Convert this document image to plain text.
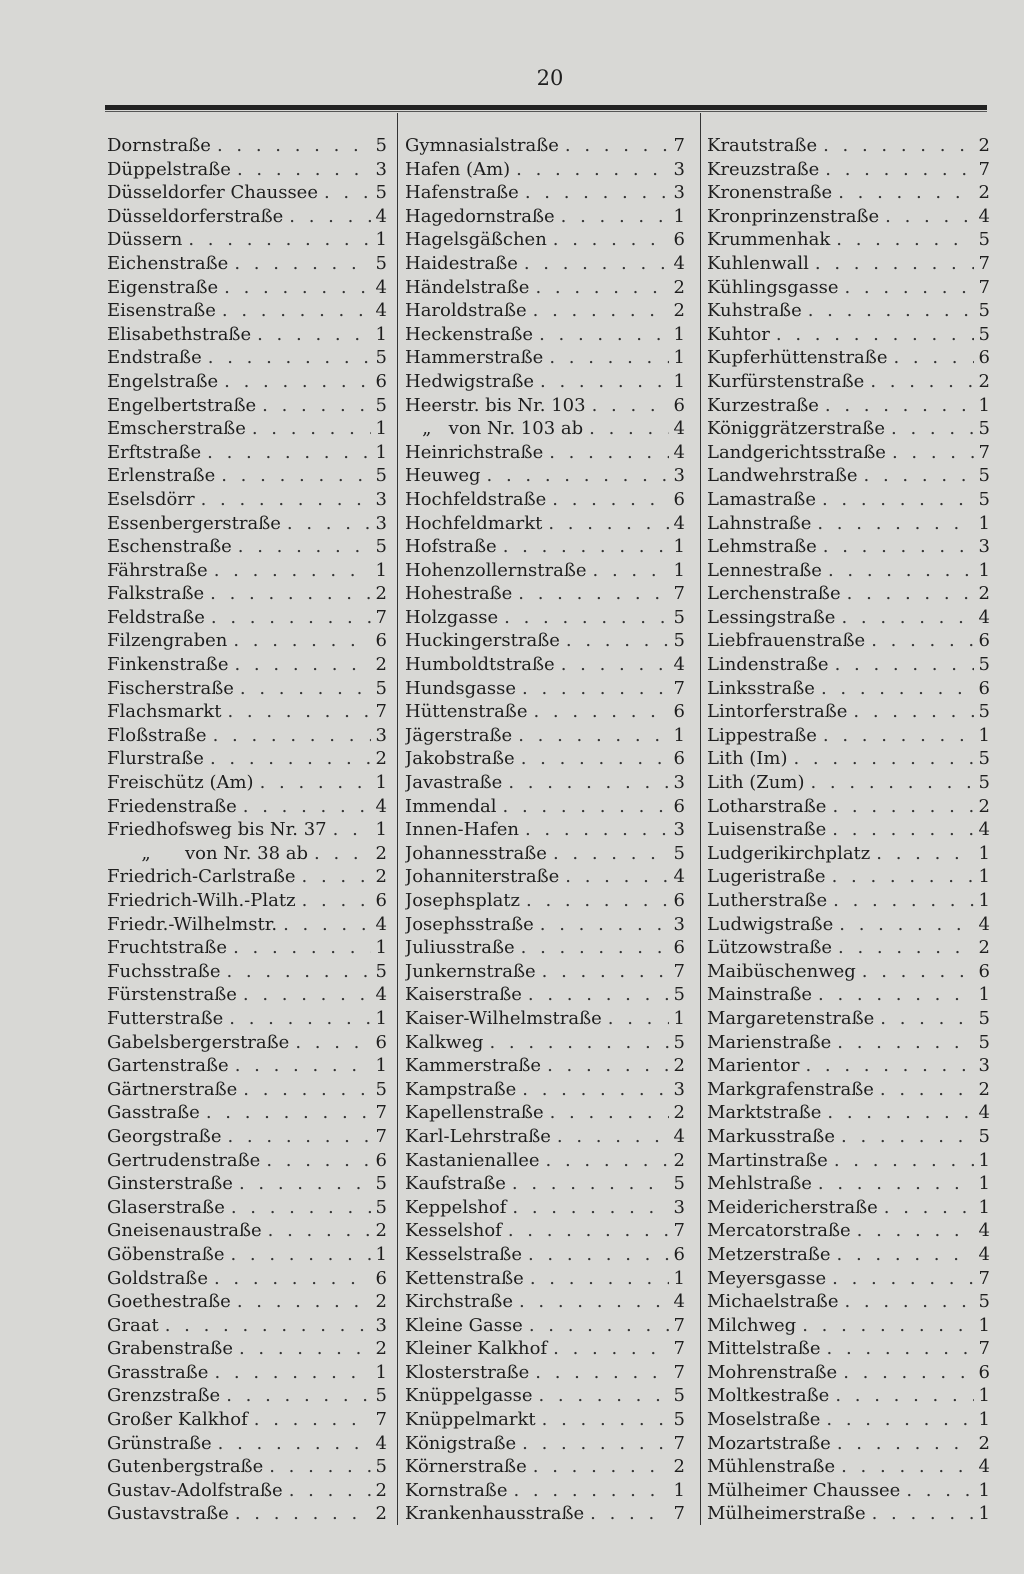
20
Dornstraße . . .	5
Düppelstraße . . .	3
Düsseldorfer Chaussee . . .	5
Düsseldorferstraße . . .	4
Düssern . . .	1
Eichenstraße . . .	5
Eigenstraße . . .	4
Eisenstraße . . .	4
Elisabethstraße . . .	1
Endstraße . . .	5
Engelstraße . . .	6
Engelbertstraße . . .	5
Emscherstraße . . .	1
Erftstraße . . .	1
Erlenstraße . . .	5
Eselsdörr . . .	3
Essenbergerstraße . . .	3
Eschenstraße . . .	5
Fährstraße . . .	1
Falkstraße . . .	2
Feldstraße . . .	7
Filzengraben . . .	6
Finkenstraße . . .	2
Fischerstraße . . .	5
Flachsmarkt . . .	7
Floßstraße . . .	3
Flurstraße . . .	2
Freischütz (Am) . . .	1
Friedenstraße . . .	4
Friedhofsweg bis Nr. 37 . . .	1
„      von Nr. 38 ab . . .	2
Friedrich-Carlstraße . . .	2
Friedrich-Wilh.-Platz . . .	6
Friedr.-Wilhelmstr. . . .	4
Fruchtstraße . . .	1
Fuchsstraße . . .	5
Fürstenstraße . . .	4
Futterstraße . . .	1
Gabelsbergerstraße . . .	6
Gartenstraße . . .	1
Gärtnerstraße . . .	5
Gasstraße . . .	7
Georgstraße . . .	7
Gertrudenstraße . . .	6
Ginsterstraße . . .	5
Glaserstraße . . .	5
Gneisenaustraße . . .	2
Göbenstraße . . .	1
Goldstraße . . .	6
Goethestraße . . .	2
Graat . . .	3
Grabenstraße . . .	2
Grasstraße . . .	1
Grenzstraße . . .	5
Großer Kalkhof . . .	7
Grünstraße . . .	4
Gutenbergstraße . . .	5
Gustav-Adolfstraße . . .	2
Gustavstraße . . .	2
Gymnasialstraße . . .	7
Hafen (Am) . . .	3
Hafenstraße . . .	3
Hagedornstraße . . .	1
Hagelsgäßchen . . .	6
Haidestraße . . .	4
Händelstraße . . .	2
Haroldstraße . . .	2
Heckenstraße . . .	1
Hammerstraße . . .	1
Hedwigstraße . . .	1
Heerstr. bis Nr. 103 . . .	6
„   von Nr. 103 ab . . .	4
Heinrichstraße . . .	4
Heuweg . . .	3
Hochfeldstraße . . .	6
Hochfeldmarkt . . .	4
Hofstraße . . .	1
Hohenzollernstraße . . .	1
Hohestraße . . .	7
Holzgasse . . .	5
Huckingerstraße . . .	5
Humboldtstraße . . .	4
Hundsgasse . . .	7
Hüttenstraße . . .	6
Jägerstraße . . .	1
Jakobstraße . . .	6
Javastraße . . .	3
Immendal . . .	6
Innen-Hafen . . .	3
Johannesstraße . . .	5
Johanniterstraße . . .	4
Josephsplatz . . .	6
Josephsstraße . . .	3
Juliusstraße . . .	6
Junkernstraße . . .	7
Kaiserstraße . . .	5
Kaiser-Wilhelmstraße . . .	1
Kalkweg . . .	5
Kammerstraße . . .	2
Kampstraße . . .	3
Kapellenstraße . . .	2
Karl-Lehrstraße . . .	4
Kastanienallee . . .	2
Kaufstraße . . .	5
Keppelshof . . .	3
Kesselshof . . .	7
Kesselstraße . . .	6
Kettenstraße . . .	1
Kirchstraße . . .	4
Kleine Gasse . . .	7
Kleiner Kalkhof . . .	7
Klosterstraße . . .	7
Knüppelgasse . . .	5
Knüppelmarkt . . .	5
Königstraße . . .	7
Körnerstraße . . .	2
Kornstraße . . .	1
Krankenhausstraße . . .	7
Krautstraße . . .	2
Kreuzstraße . . .	7
Kronenstraße . . .	2
Kronprinzenstraße . . .	4
Krummenhak . . .	5
Kuhlenwall . . .	7
Kühlingsgasse . . .	7
Kuhstraße . . .	5
Kuhtor . . .	5
Kupferhüttenstraße . . .	6
Kurfürstenstraße . . .	2
Kurzestraße . . .	1
Königgrätzerstraße . . .	5
Landgerichtsstraße . . .	7
Landwehrstraße . . .	5
Lamastraße . . .	5
Lahnstraße . . .	1
Lehmstraße . . .	3
Lennestraße . . .	1
Lerchenstraße . . .	2
Lessingstraße . . .	4
Liebfrauenstraße . . .	6
Lindenstraße . . .	5
Linksstraße . . .	6
Lintorferstraße . . .	5
Lippestraße . . .	1
Lith (Im) . . .	5
Lith (Zum) . . .	5
Lotharstraße . . .	2
Luisenstraße . . .	4
Ludgerikirchplatz . . .	1
Lugeristraße . . .	1
Lutherstraße . . .	1
Ludwigstraße . . .	4
Lützowstraße . . .	2
Maibüschenweg . . .	6
Mainstraße . . .	1
Margaretenstraße . . .	5
Marienstraße . . .	5
Marientor . . .	3
Markgrafenstraße . . .	2
Marktstraße . . .	4
Markusstraße . . .	5
Martinstraße . . .	1
Mehlstraße . . .	1
Meidericherstraße . . .	1
Mercatorstraße . . .	4
Metzerstraße . . .	4
Meyersgasse . . .	7
Michaelstraße . . .	5
Milchweg . . .	1
Mittelstraße . . .	7
Mohrenstraße . . .	6
Moltkestraße . . .	1
Moselstraße . . .	1
Mozartstraße . . .	2
Mühlenstraße . . .	4
Mülheimer Chaussee . . .	1
Mülheimerstraße . . .	1
